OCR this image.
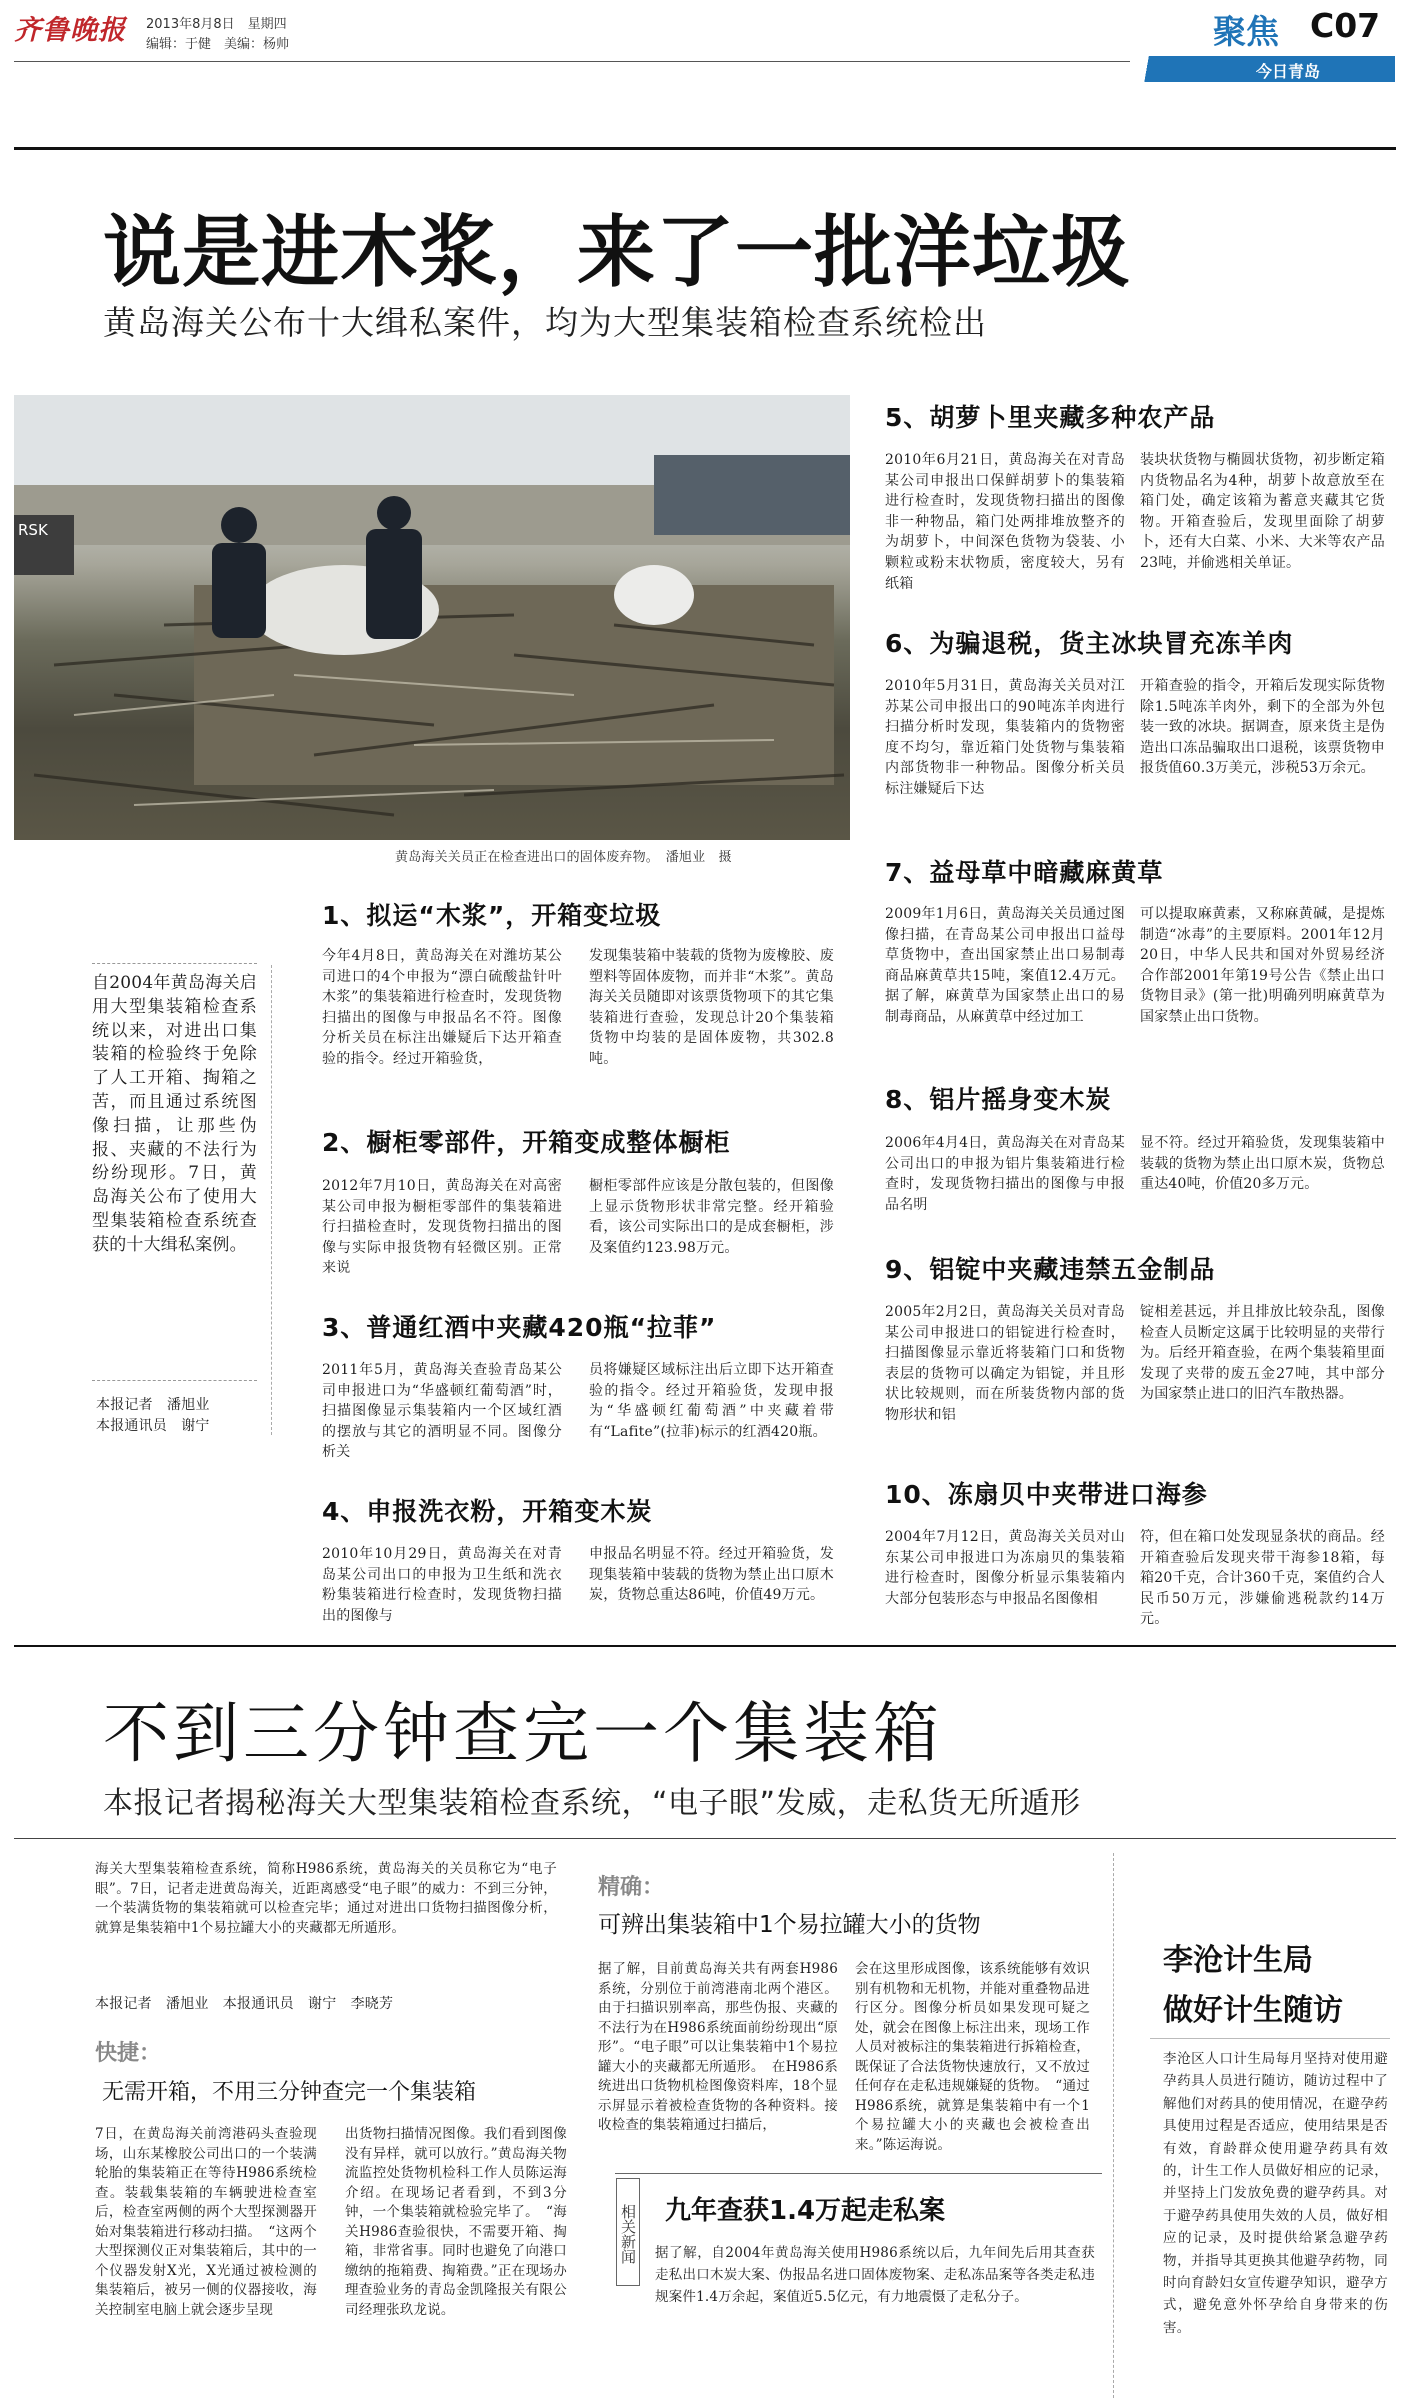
齐鲁晚报	2013年8月8日　星期四
编辑：于健　美编：杨帅	聚焦 C07
今日青岛
说是进木浆，来了一批洋垃圾
黄岛海关公布十大缉私案件，均为大型集装箱检查系统检出
RSK
黄岛海关关员正在检查进出口的固体废弃物。　潘旭业　摄
自2004年黄岛海关启用大型集装箱检查系统以来，对进出口集装箱的检验终于免除了人工开箱、掏箱之苦，而且通过系统图像扫描，让那些伪报、夹藏的不法行为纷纷现形。7日，黄岛海关公布了使用大型集装箱检查系统查获的十大缉私案例。
本报记者　潘旭业
本报通讯员　谢宁
1、拟运“木浆”，开箱变垃圾
今年4月8日，黄岛海关在对潍坊某公司进口的4个申报为“漂白硫酸盐针叶木浆”的集装箱进行检查时，发现货物扫描出的图像与申报品名不符。图像分析关员在标注出嫌疑后下达开箱查验的指令。经过开箱验货，
发现集装箱中装载的货物为废橡胶、废塑料等固体废物，而并非“木浆”。黄岛海关关员随即对该票货物项下的其它集装箱进行查验，发现总计20个集装箱货物中均装的是固体废物，共302.8吨。
2、橱柜零部件，开箱变成整体橱柜
2012年7月10日，黄岛海关在对高密某公司申报为橱柜零部件的集装箱进行扫描检查时，发现货物扫描出的图像与实际申报货物有轻微区别。正常来说
橱柜零部件应该是分散包装的，但图像上显示货物形状非常完整。经开箱验看，该公司实际出口的是成套橱柜，涉及案值约123.98万元。
3、普通红酒中夹藏420瓶“拉菲”
2011年5月，黄岛海关查验青岛某公司申报进口为“华盛顿红葡萄酒”时，扫描图像显示集装箱内一个区域红酒的摆放与其它的酒明显不同。图像分析关
员将嫌疑区域标注出后立即下达开箱查验的指令。经过开箱验货，发现申报为“华盛顿红葡萄酒”中夹藏着带有“Lafite”(拉菲)标示的红酒420瓶。
4、申报洗衣粉，开箱变木炭
2010年10月29日，黄岛海关在对青岛某公司出口的申报为卫生纸和洗衣粉集装箱进行检查时，发现货物扫描出的图像与
申报品名明显不符。经过开箱验货，发现集装箱中装载的货物为禁止出口原木炭，货物总重达86吨，价值49万元。
5、胡萝卜里夹藏多种农产品
2010年6月21日，黄岛海关在对青岛某公司申报出口保鲜胡萝卜的集装箱进行检查时，发现货物扫描出的图像非一种物品，箱门处两排堆放整齐的为胡萝卜，中间深色货物为袋装、小颗粒或粉末状物质，密度较大，另有纸箱
装块状货物与椭圆状货物，初步断定箱内货物品名为4种，胡萝卜故意放至在箱门处，确定该箱为蓄意夹藏其它货物。开箱查验后，发现里面除了胡萝卜，还有大白菜、小米、大米等农产品23吨，并偷逃相关单证。
6、为骗退税，货主冰块冒充冻羊肉
2010年5月31日，黄岛海关关员对江苏某公司申报出口的90吨冻羊肉进行扫描分析时发现，集装箱内的货物密度不均匀，靠近箱门处货物与集装箱内部货物非一种物品。图像分析关员标注嫌疑后下达
开箱查验的指令，开箱后发现实际货物除1.5吨冻羊肉外，剩下的全部为外包装一致的冰块。据调查，原来货主是伪造出口冻品骗取出口退税，该票货物申报货值60.3万美元，涉税53万余元。
7、益母草中暗藏麻黄草
2009年1月6日，黄岛海关关员通过图像扫描，在青岛某公司申报出口益母草货物中，查出国家禁止出口易制毒商品麻黄草共15吨，案值12.4万元。据了解，麻黄草为国家禁止出口的易制毒商品，从麻黄草中经过加工
可以提取麻黄素，又称麻黄碱，是提炼制造“冰毒”的主要原料。2001年12月20日，中华人民共和国对外贸易经济合作部2001年第19号公告《禁止出口货物目录》(第一批)明确列明麻黄草为国家禁止出口货物。
8、铝片摇身变木炭
2006年4月4日，黄岛海关在对青岛某公司出口的申报为铝片集装箱进行检查时，发现货物扫描出的图像与申报品名明
显不符。经过开箱验货，发现集装箱中装载的货物为禁止出口原木炭，货物总重达40吨，价值20多万元。
9、铝锭中夹藏违禁五金制品
2005年2月2日，黄岛海关关员对青岛某公司申报进口的铝锭进行检查时，扫描图像显示靠近将装箱门口和货物表层的货物可以确定为铝锭，并且形状比较规则，而在所装货物内部的货物形状和铝
锭相差甚远，并且排放比较杂乱，图像检查人员断定这属于比较明显的夹带行为。后经开箱查验，在两个集装箱里面发现了夹带的废五金27吨，其中部分为国家禁止进口的旧汽车散热器。
10、冻扇贝中夹带进口海参
2004年7月12日，黄岛海关关员对山东某公司申报进口为冻扇贝的集装箱进行检查时，图像分析显示集装箱内大部分包装形态与申报品名图像相
符，但在箱口处发现显条状的商品。经开箱查验后发现夹带干海参18箱，每箱20千克，合计360千克，案值约合人民币50万元，涉嫌偷逃税款约14万元。
不到三分钟查完一个集装箱
本报记者揭秘海关大型集装箱检查系统，“电子眼”发威，走私货无所遁形
海关大型集装箱检查系统，简称H986系统，黄岛海关的关员称它为“电子眼”。7日，记者走进黄岛海关，近距离感受“电子眼”的威力：不到三分钟，一个装满货物的集装箱就可以检查完毕；通过对进出口货物扫描图像分析，就算是集装箱中1个易拉罐大小的夹藏都无所遁形。
本报记者　潘旭业　本报通讯员　谢宁　李晓芳
快捷：
无需开箱，不用三分钟查完一个集装箱
7日，在黄岛海关前湾港码头查验现场，山东某橡胶公司出口的一个装满轮胎的集装箱正在等待H986系统检查。装载集装箱的车辆驶进检查室后，检查室两侧的两个大型探测器开始对集装箱进行移动扫描。　“这两个大型探测仪正对集装箱后，其中的一个仪器发射X光，X光通过被检测的集装箱后，被另一侧的仪器接收，海关控制室电脑上就会逐步呈现
出货物扫描情况图像。我们看到图像没有异样，就可以放行。”黄岛海关物流监控处货物机检科工作人员陈运海介绍。在现场记者看到，不到3分钟，一个集装箱就检验完毕了。　“海关H986查验很快，不需要开箱、掏箱，非常省事。同时也避免了向港口缴纳的拖箱费、掏箱费。”正在现场办理查验业务的青岛金凯隆报关有限公司经理张玖龙说。
精确：
可辨出集装箱中1个易拉罐大小的货物
据了解，目前黄岛海关共有两套H986系统，分别位于前湾港南北两个港区。由于扫描识别率高，那些伪报、夹藏的不法行为在H986系统面前纷纷现出“原形”。“电子眼”可以让集装箱中1个易拉罐大小的夹藏都无所遁形。　在H986系统进出口货物机检图像资料库，18个显示屏显示着被检查货物的各种资料。接收检查的集装箱通过扫描后，
会在这里形成图像，该系统能够有效识别有机物和无机物，并能对重叠物品进行区分。图像分析员如果发现可疑之处，就会在图像上标注出来，现场工作人员对被标注的集装箱进行拆箱检查，既保证了合法货物快速放行，又不放过任何存在走私违规嫌疑的货物。　“通过H986系统，就算是集装箱中有一个1个易拉罐大小的夹藏也会被检查出来。”陈运海说。
相关新闻 九年查获1.4万起走私案
据了解，自2004年黄岛海关使用H986系统以后，九年间先后用其查获走私出口木炭大案、伪报品名进口固体废物案、走私冻品案等各类走私违规案件1.4万余起，案值近5.5亿元，有力地震慑了走私分子。
李沧计生局
做好计生随访
李沧区人口计生局每月坚持对使用避孕药具人员进行随访，随访过程中了解他们对药具的使用情况，在避孕药具使用过程是否适应，使用结果是否有效，育龄群众使用避孕药具有效的，计生工作人员做好相应的记录，并坚持上门发放免费的避孕药具。对于避孕药具使用失效的人员，做好相应的记录，及时提供给紧急避孕药物，并指导其更换其他避孕药物，同时向育龄妇女宣传避孕知识，避孕方式，避免意外怀孕给自身带来的伤害。
